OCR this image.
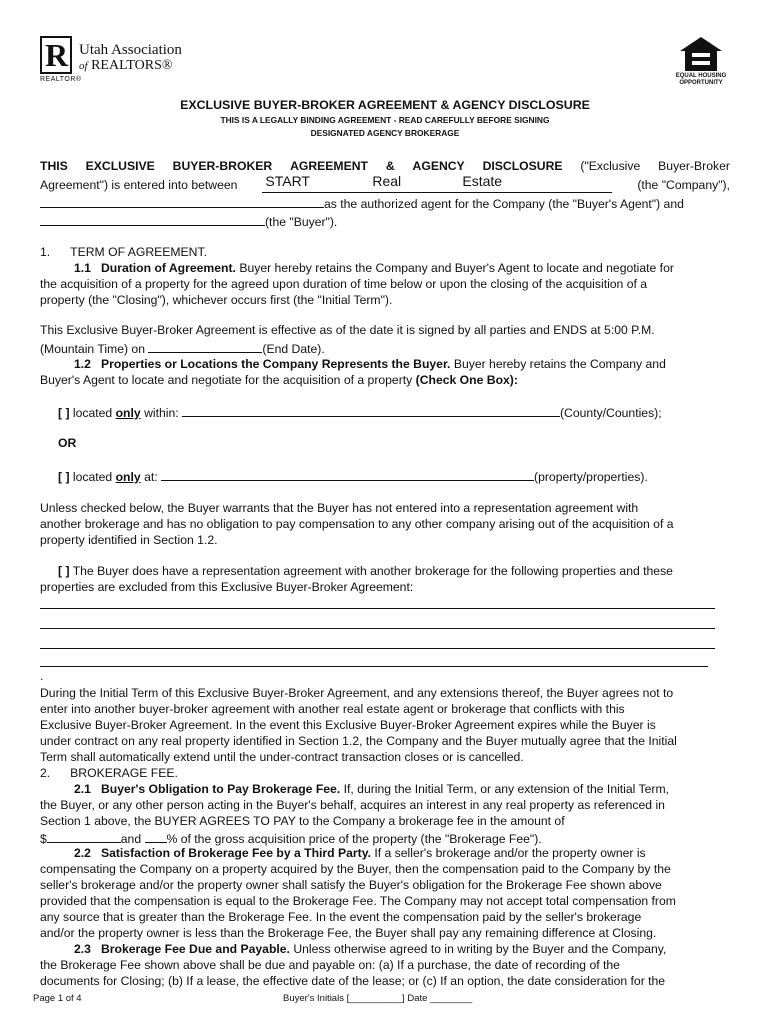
R Utah Association
of REALTORS®
REALTOR®	EQUAL HOUSING
OPPORTUNITY
EXCLUSIVE BUYER-BROKER AGREEMENT & AGENCY DISCLOSURE
THIS IS A LEGALLY BINDING AGREEMENT - READ CAREFULLY BEFORE SIGNING
DESIGNATED AGENCY BROKERAGE
THIS EXCLUSIVE BUYER-BROKER AGREEMENT & AGENCY DISCLOSURE ("Exclusive Buyer-Broker
Agreement") is entered into between START	Real	Estate	(the "Company"),
as the authorized agent for the Company (the "Buyer's Agent") and
(the "Buyer").
1. TERM OF AGREEMENT.
1.1 Duration of Agreement. Buyer hereby retains the Company and Buyer's Agent to locate and negotiate for
the acquisition of a property for the agreed upon duration of time below or upon the closing of the acquisition of a
property (the "Closing"), whichever occurs first (the "Initial Term").
This Exclusive Buyer-Broker Agreement is effective as of the date it is signed by all parties and ENDS at 5:00 P.M.
(Mountain Time) on	(End Date).
1.2 Properties or Locations the Company Represents the Buyer. Buyer hereby retains the Company and
Buyer's Agent to locate and negotiate for the acquisition of a property (Check One Box):
[ ] located only within:	(County/Counties);
OR
[ ] located only at:	(property/properties).
Unless checked below, the Buyer warrants that the Buyer has not entered into a representation agreement with
another brokerage and has no obligation to pay compensation to any other company arising out of the acquisition of a
property identified in Section 1.2.
[ ] The Buyer does have a representation agreement with another brokerage for the following properties and these
properties are excluded from this Exclusive Buyer-Broker Agreement:
.
During the Initial Term of this Exclusive Buyer-Broker Agreement, and any extensions thereof, the Buyer agrees not to
enter into another buyer-broker agreement with another real estate agent or brokerage that conflicts with this
Exclusive Buyer-Broker Agreement. In the event this Exclusive Buyer-Broker Agreement expires while the Buyer is
under contract on any real property identified in Section 1.2, the Company and the Buyer mutually agree that the Initial
Term shall automatically extend until the under-contract transaction closes or is cancelled.
2. BROKERAGE FEE.
2.1 Buyer's Obligation to Pay Brokerage Fee. If, during the Initial Term, or any extension of the Initial Term,
the Buyer, or any other person acting in the Buyer's behalf, acquires an interest in any real property as referenced in
Section 1 above, the BUYER AGREES TO PAY to the Company a brokerage fee in the amount of
$	and % of the gross acquisition price of the property (the "Brokerage Fee").
2.2 Satisfaction of Brokerage Fee by a Third Party. If a seller's brokerage and/or the property owner is
compensating the Company on a property acquired by the Buyer, then the compensation paid to the Company by the
seller's brokerage and/or the property owner shall satisfy the Buyer's obligation for the Brokerage Fee shown above
provided that the compensation is equal to the Brokerage Fee. The Company may not accept total compensation from
any source that is greater than the Brokerage Fee. In the event the compensation paid by the seller's brokerage
and/or the property owner is less than the Brokerage Fee, the Buyer shall pay any remaining difference at Closing.
2.3 Brokerage Fee Due and Payable. Unless otherwise agreed to in writing by the Buyer and the Company,
the Brokerage Fee shown above shall be due and payable on: (a) If a purchase, the date of recording of the
documents for Closing; (b) If a lease, the effective date of the lease; or (c) If an option, the date consideration for the
Page 1 of 4	Buyer's Initials [__________] Date ________
